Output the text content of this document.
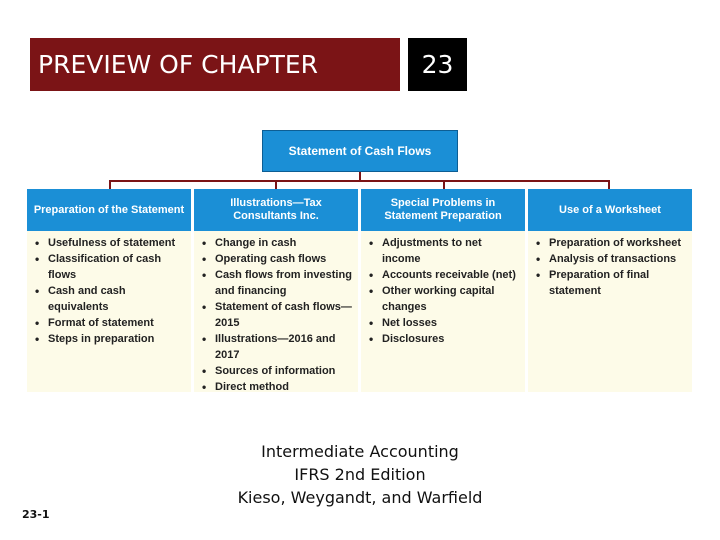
PREVIEW OF CHAPTER	23
Statement of Cash Flows
Preparation of the Statement
• Usefulness of statement
• Classification of cash flows
• Cash and cash equivalents
• Format of statement
• Steps in preparation
Illustrations—Tax Consultants Inc.
• Change in cash
• Operating cash flows
• Cash flows from investing and financing
• Statement of cash flows—2015
• Illustrations—2016 and 2017
• Sources of information
• Direct method
Special Problems in Statement Preparation
• Adjustments to net income
• Accounts receivable (net)
• Other working capital changes
• Net losses
• Disclosures
Use of a Worksheet
• Preparation of worksheet
• Analysis of transactions
• Preparation of final statement
Intermediate Accounting
IFRS 2nd Edition
Kieso, Weygandt, and Warfield
23-1
